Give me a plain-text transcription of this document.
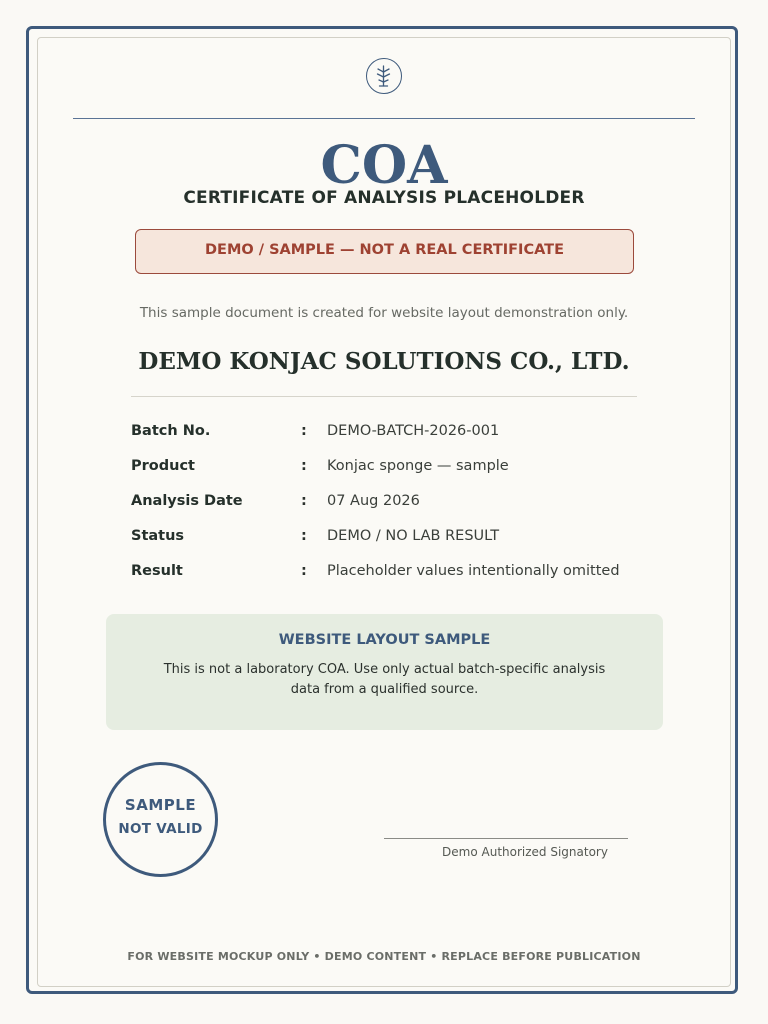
COA
CERTIFICATE OF ANALYSIS PLACEHOLDER
DEMO / SAMPLE — NOT A REAL CERTIFICATE
This sample document is created for website layout demonstration only.
DEMO KONJAC SOLUTIONS CO., LTD.
Batch No.	: DEMO-BATCH-2026-001
Product	: Konjac sponge — sample
Analysis Date	: 07 Aug 2026
Status	: DEMO / NO LAB RESULT
Result	: Placeholder values intentionally omitted
WEBSITE LAYOUT SAMPLE
This is not a laboratory COA. Use only actual batch-specific analysis
data from a qualified source.
SAMPLE
NOT VALID
Demo Authorized Signatory
FOR WEBSITE MOCKUP ONLY • DEMO CONTENT • REPLACE BEFORE PUBLICATION
